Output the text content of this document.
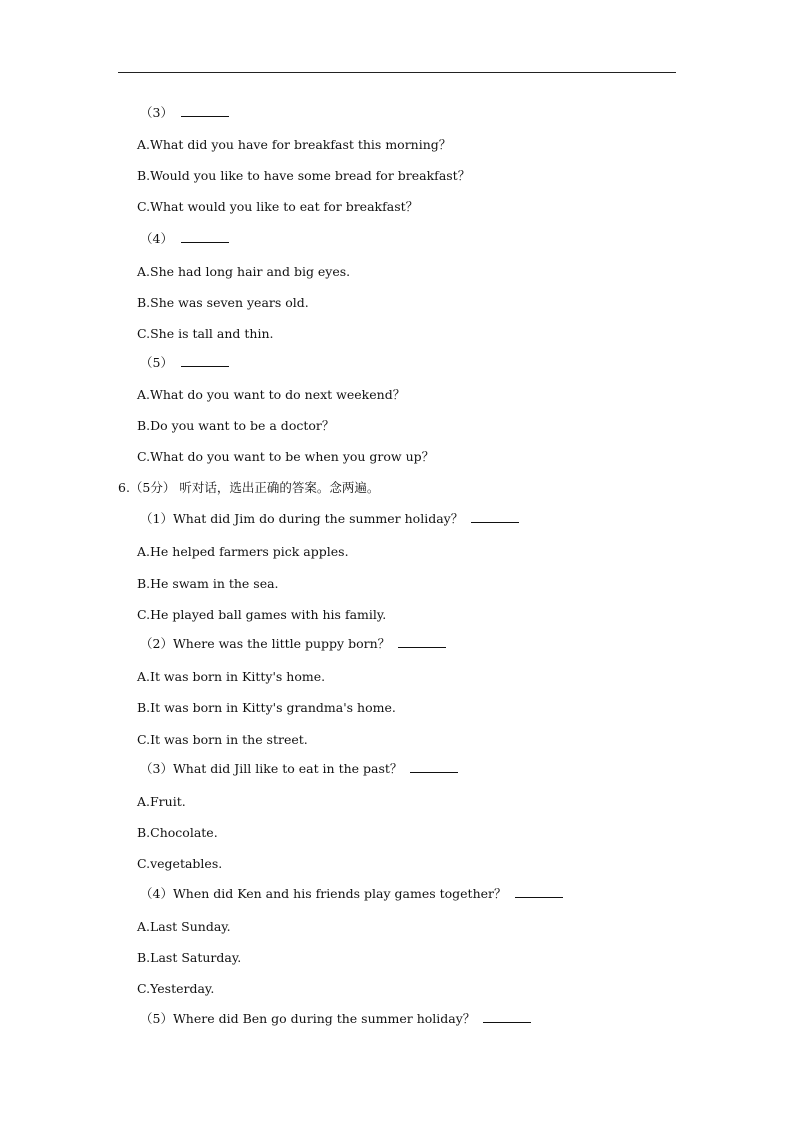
（3）
A.What did you have for breakfast this morning？
B.Would you like to have some bread for breakfast？
C.What would you like to eat for breakfast？
（4）
A.She had long hair and big eyes.
B.She was seven years old.
C.She is tall and thin.
（5）
A.What do you want to do next weekend？
B.Do you want to be a doctor？
C.What do you want to be when you grow up？
6.（5分） 听对话，选出正确的答案。念两遍。
（1）What did Jim do during the summer holiday？
A.He helped farmers pick apples.
B.He swam in the sea.
C.He played ball games with his family.
（2）Where was the little puppy born？
A.It was born in Kitty's home.
B.It was born in Kitty's grandma's home.
C.It was born in the street.
（3）What did Jill like to eat in the past？
A.Fruit.
B.Chocolate.
C.vegetables.
（4）When did Ken and his friends play games together？
A.Last Sunday.
B.Last Saturday.
C.Yesterday.
（5）Where did Ben go during the summer holiday？
